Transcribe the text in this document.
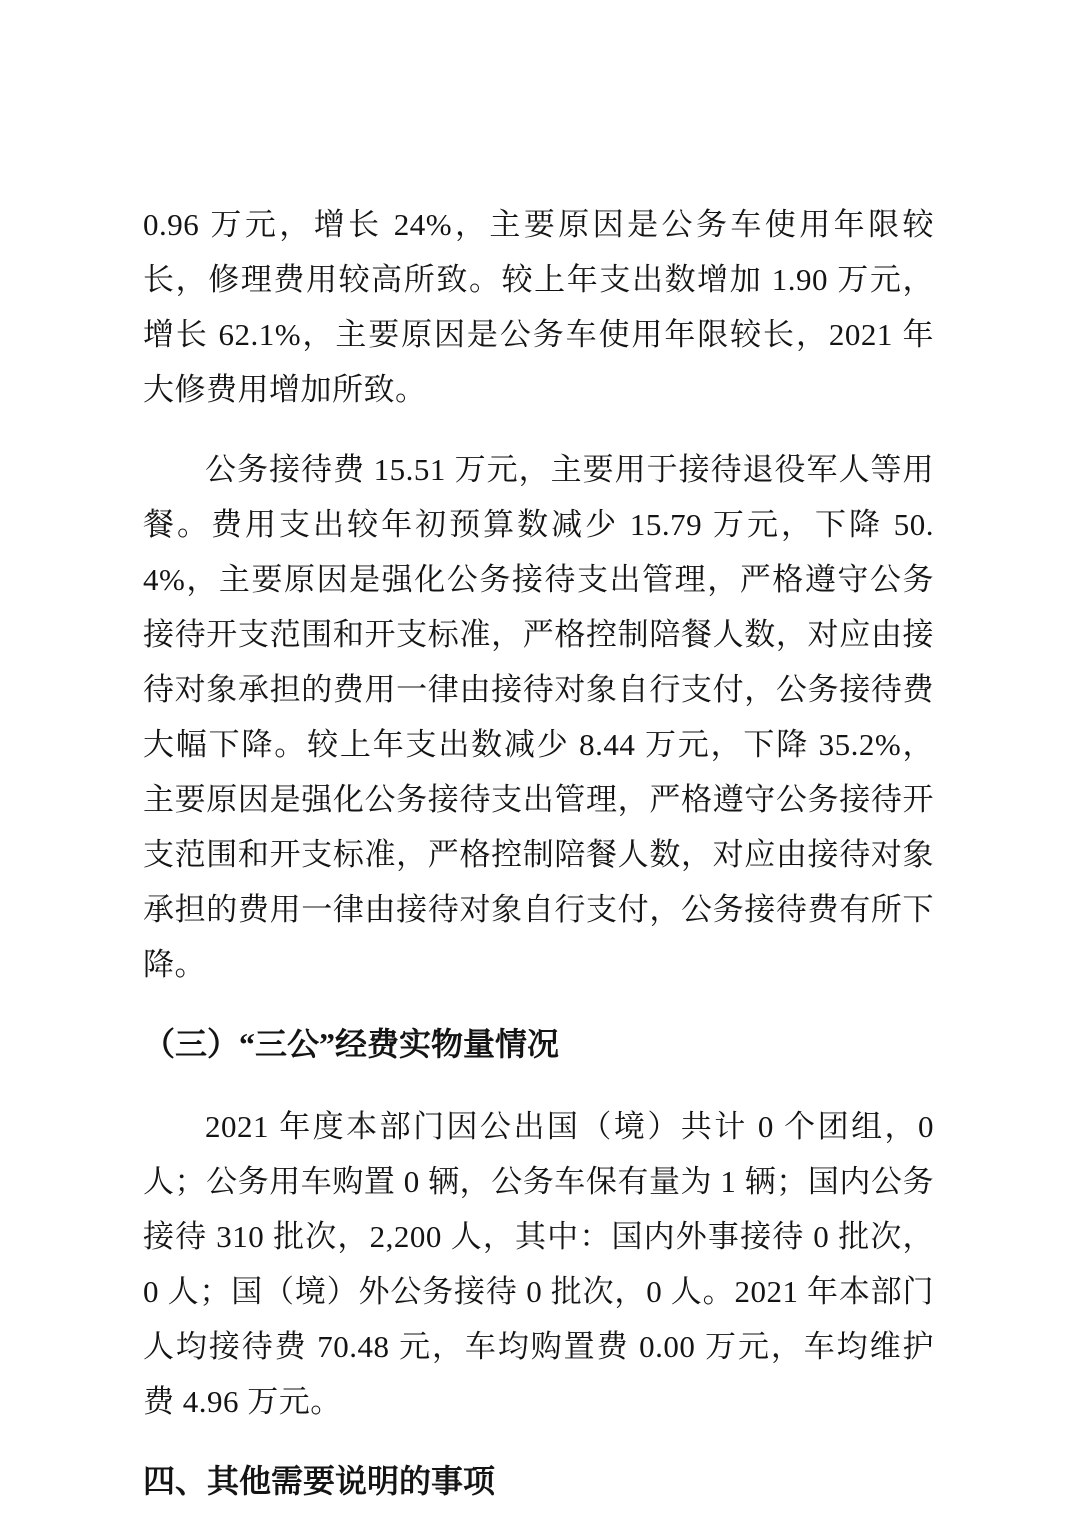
0.96 万元，增长 24%，主要原因是公务车使用年限较长，修理费用较高所致。较上年支出数增加 1.90 万元，增长 62.1%，主要原因是公务车使用年限较长，2021 年大修费用增加所致。

公务接待费 15.51 万元，主要用于接待退役军人等用餐。费用支出较年初预算数减少 15.79 万元，下降 50.4%，主要原因是强化公务接待支出管理，严格遵守公务接待开支范围和开支标准，严格控制陪餐人数，对应由接待对象承担的费用一律由接待对象自行支付，公务接待费大幅下降。较上年支出数减少 8.44 万元，下降 35.2%，主要原因是强化公务接待支出管理，严格遵守公务接待开支范围和开支标准，严格控制陪餐人数，对应由接待对象承担的费用一律由接待对象自行支付，公务接待费有所下降。

（三）“三公”经费实物量情况

2021 年度本部门因公出国（境）共计 0 个团组，0 人；公务用车购置 0 辆，公务车保有量为 1 辆；国内公务接待 310 批次，2,200 人，其中：国内外事接待 0 批次，0 人；国（境）外公务接待 0 批次，0 人。2021 年本部门人均接待费 70.48 元，车均购置费 0.00 万元，车均维护费 4.96 万元。

四、其他需要说明的事项
